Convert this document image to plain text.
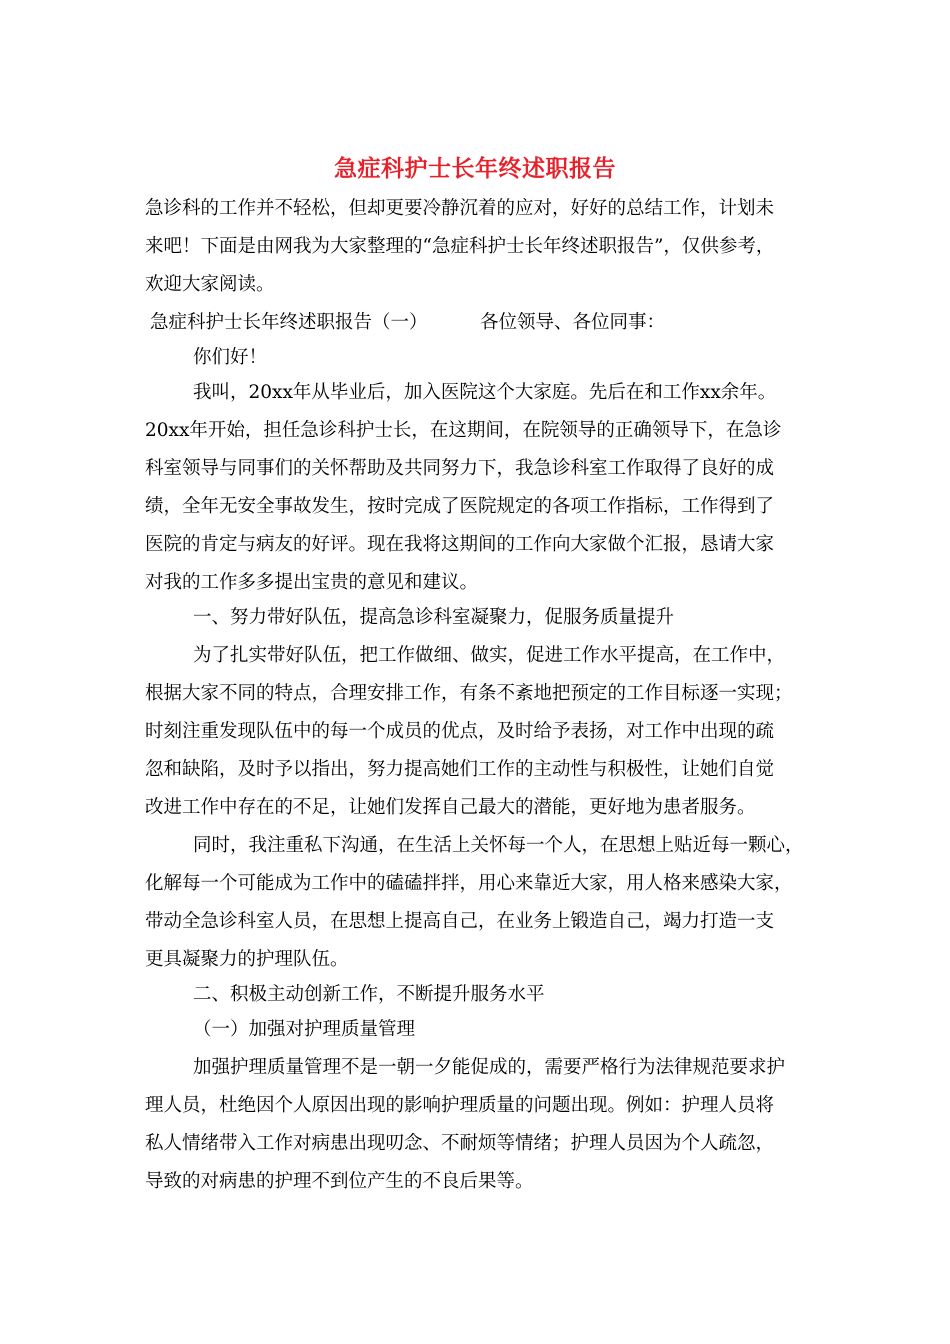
急症科护士长年终述职报告
急诊科的工作并不轻松，但却更要冷静沉着的应对，好好的总结工作，计划未
来吧！下面是由网我为大家整理的“急症科护士长年终述职报告”，仅供参考，
欢迎大家阅读。
急症科护士长年终述职报告（一）	各位领导、各位同事：
你们好！
我叫，20xx年从毕业后，加入医院这个大家庭。先后在和工作xx余年。
20xx年开始，担任急诊科护士长，在这期间，在院领导的正确领导下，在急诊
科室领导与同事们的关怀帮助及共同努力下，我急诊科室工作取得了良好的成
绩，全年无安全事故发生，按时完成了医院规定的各项工作指标，工作得到了
医院的肯定与病友的好评。现在我将这期间的工作向大家做个汇报，恳请大家
对我的工作多多提出宝贵的意见和建议。
一、努力带好队伍，提高急诊科室凝聚力，促服务质量提升
为了扎实带好队伍，把工作做细、做实，促进工作水平提高，在工作中，
根据大家不同的特点，合理安排工作，有条不紊地把预定的工作目标逐一实现；
时刻注重发现队伍中的每一个成员的优点，及时给予表扬，对工作中出现的疏
忽和缺陷，及时予以指出，努力提高她们工作的主动性与积极性，让她们自觉
改进工作中存在的不足，让她们发挥自己最大的潜能，更好地为患者服务。
同时，我注重私下沟通，在生活上关怀每一个人，在思想上贴近每一颗心，
化解每一个可能成为工作中的磕磕拌拌，用心来靠近大家，用人格来感染大家，
带动全急诊科室人员，在思想上提高自己，在业务上锻造自己，竭力打造一支
更具凝聚力的护理队伍。
二、积极主动创新工作，不断提升服务水平
（一）加强对护理质量管理
加强护理质量管理不是一朝一夕能促成的，需要严格行为法律规范要求护
理人员，杜绝因个人原因出现的影响护理质量的问题出现。例如：护理人员将
私人情绪带入工作对病患出现叨念、不耐烦等情绪；护理人员因为个人疏忽，
导致的对病患的护理不到位产生的不良后果等。
